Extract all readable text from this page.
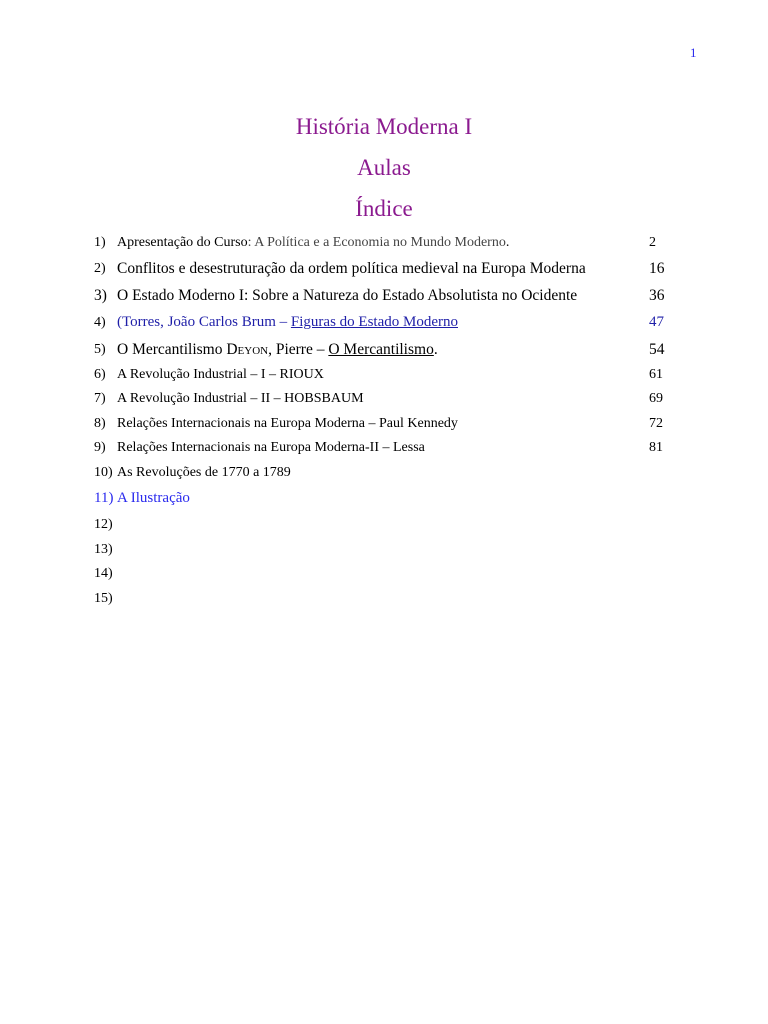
1
História Moderna I
Aulas
Índice
1) Apresentação do Curso: A Política e a Economia no Mundo Moderno.	2
2) Conflitos e desestruturação da ordem política medieval na Europa Moderna	16
3) O Estado Moderno I: Sobre a Natureza do Estado Absolutista no Ocidente	36
4) (Torres, João Carlos Brum – Figuras do Estado Moderno	47
5) O Mercantilismo Deyon, Pierre – O Mercantilismo.	54
6) A Revolução Industrial – I – RIOUX	61
7) A Revolução Industrial – II – HOBSBAUM	69
8) Relações Internacionais na Europa Moderna – Paul Kennedy	72
9) Relações Internacionais na Europa Moderna-II – Lessa	81
10) As Revoluções de 1770 a 1789
11) A Ilustração
12)
13)
14)
15)
